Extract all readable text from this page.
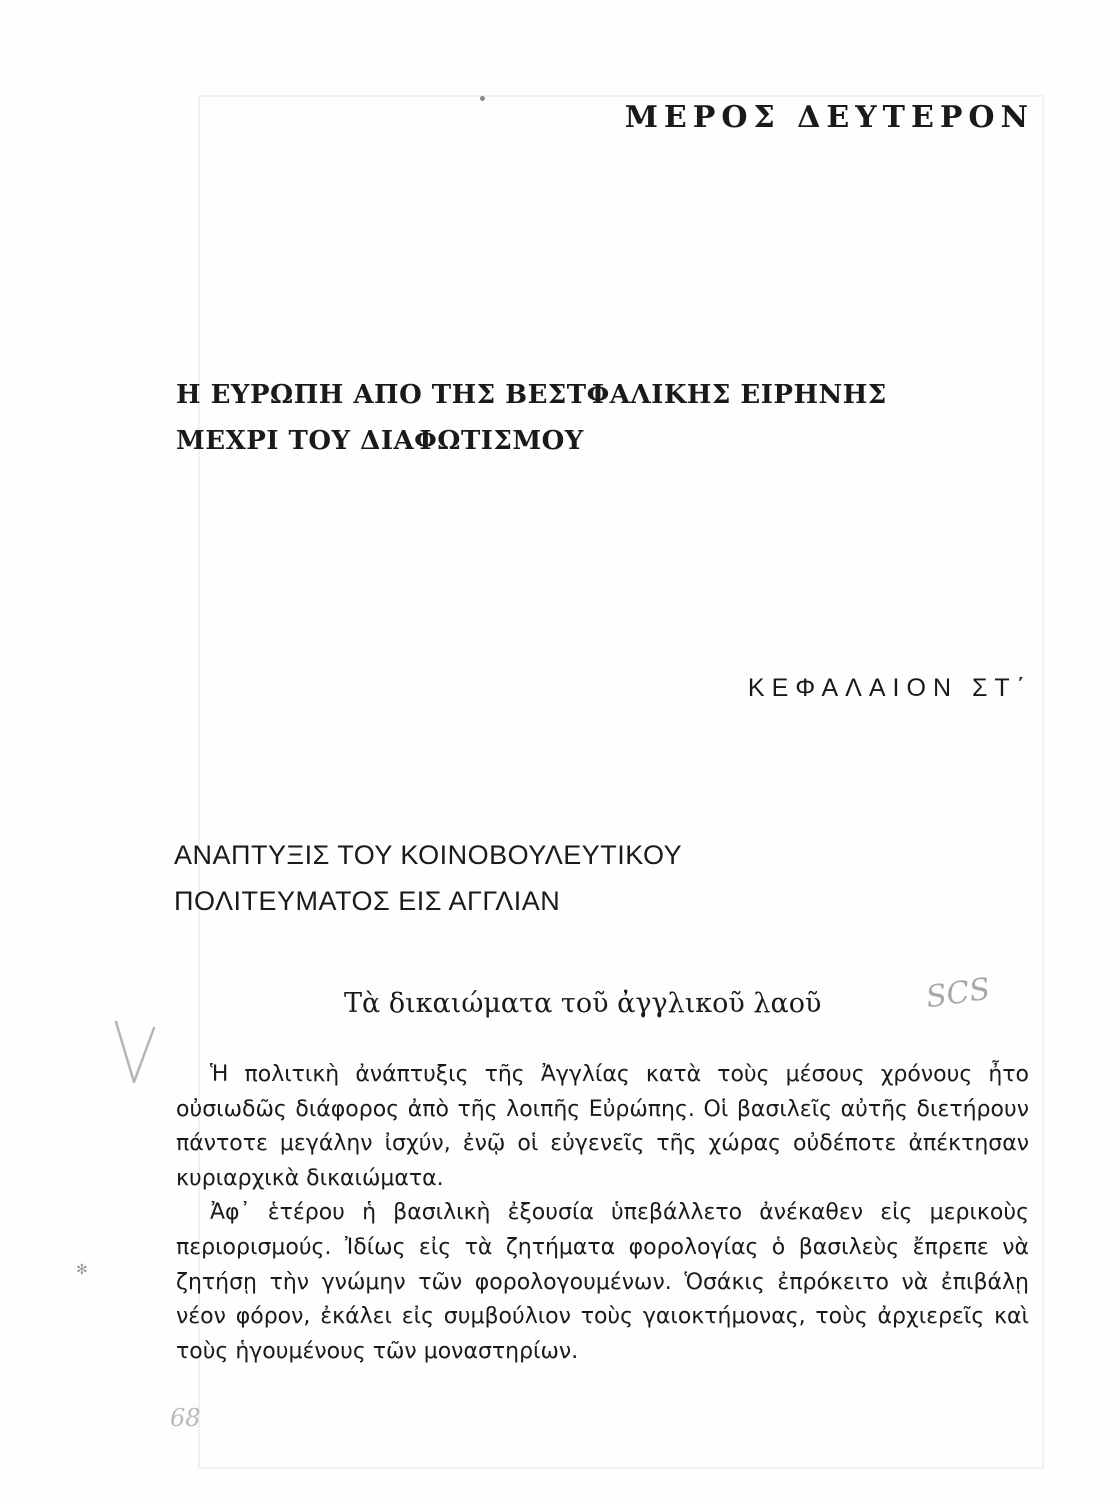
ΜΕΡΟΣ ΔΕΥΤΕΡΟΝ
Η ΕΥΡΩΠΗ ΑΠΟ ΤΗΣ ΒΕΣΤΦΑΛΙΚΗΣ ΕΙΡΗΝΗΣ
ΜΕΧΡΙ ΤΟΥ ΔΙΑΦΩΤΙΣΜΟΥ
ΚΕΦΑΛΑΙΟΝ ΣΤ΄
ΑΝΑΠΤΥΞΙΣ ΤΟΥ ΚΟΙΝΟΒΟΥΛΕΥΤΙΚΟΥ
ΠΟΛΙΤΕΥΜΑΤΟΣ ΕΙΣ ΑΓΓΛΙΑΝ
Τὰ δικαιώματα τοῦ ἀγγλικοῦ λαοῦ	SCS

Ἡ πολιτικὴ ἀνάπτυξις τῆς Ἀγγλίας κατὰ τοὺς μέσους χρόνους ἦτο οὐσιωδῶς διάφορος ἀπὸ τῆς λοιπῆς Εὐρώπης. Οἱ βασιλεῖς αὐτῆς διετήρουν πάντοτε μεγάλην ἰσχύν, ἐνῷ οἱ εὐγενεῖς τῆς χώρας οὐδέποτε ἀπέκτησαν κυριαρχικὰ δικαιώματα.

Ἀφ᾿ ἑτέρου ἡ βασιλικὴ ἐξουσία ὑπεβάλλετο ἀνέκαθεν εἰς μερικοὺς περιορισμούς. Ἰδίως εἰς τὰ ζητήματα φορολογίας ὁ βασιλεὺς ἔπρεπε νὰ ζητήσῃ τὴν γνώμην τῶν φορολογουμένων. Ὁσάκις ἐπρόκειτο νὰ ἐπιβάλῃ νέον φόρον, ἐκάλει εἰς συμβούλιον τοὺς γαιοκτήμονας, τοὺς ἀρχιερεῖς καὶ τοὺς ἡγουμένους τῶν μοναστηρίων.

✻
68
